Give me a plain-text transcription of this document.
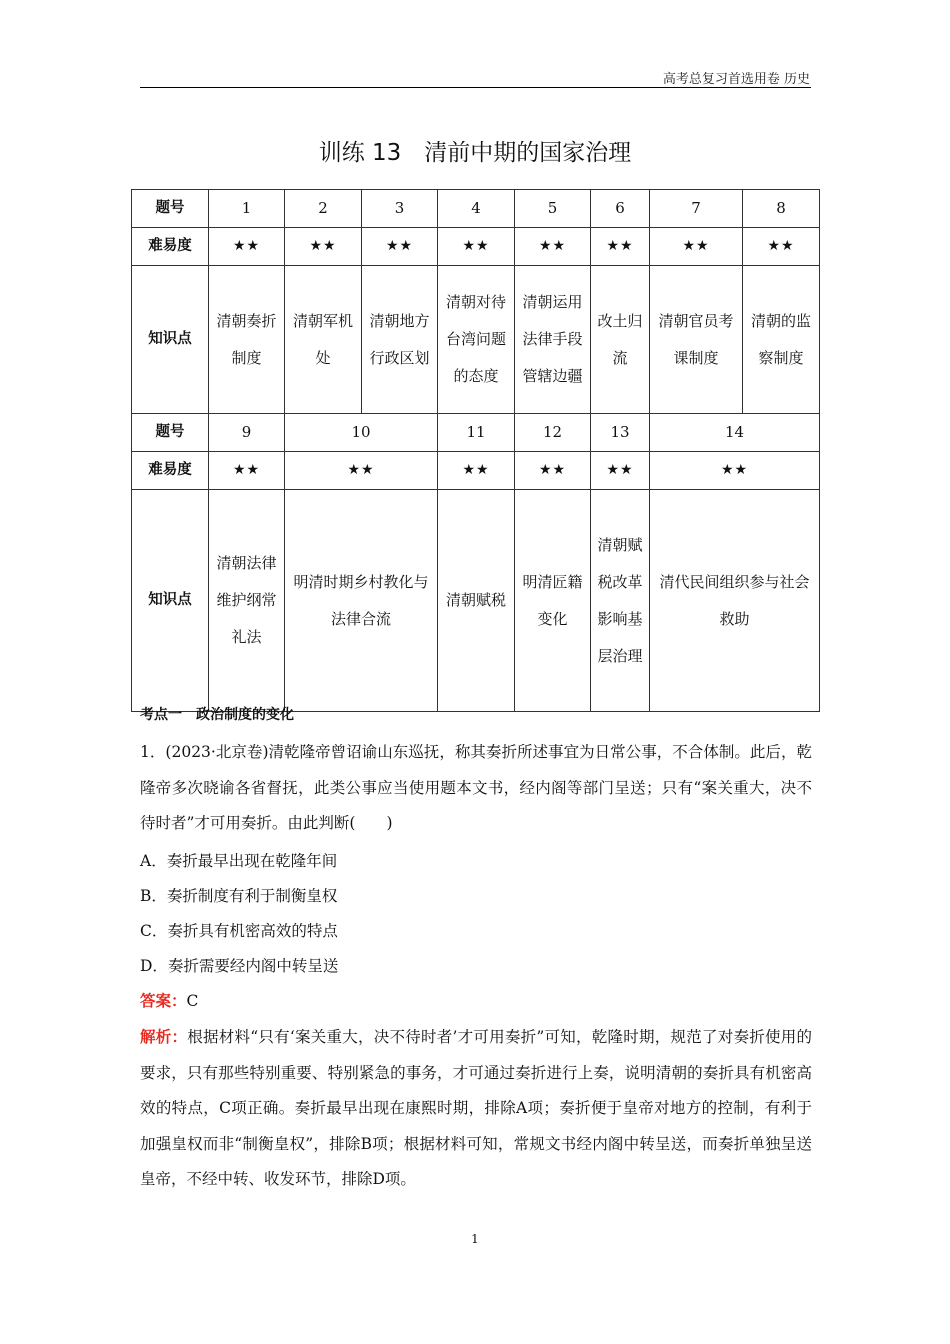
高考总复习首选用卷 历史
训练 13　清前中期的国家治理
题号	1	2	3	4	5	6	7	8
难易度	★★	★★	★★	★★	★★	★★	★★	★★
知识点	清朝奏折制度	清朝军机处	清朝地方行政区划	清朝对待台湾问题的态度	清朝运用法律手段管辖边疆	改土归流	清朝官员考课制度	清朝的监察制度
题号	9	10		11	12	13	14	
难易度	★★	★★		★★	★★	★★	★★	
知识点	清朝法律维护纲常礼法	明清时期乡村教化与法律合流		清朝赋税	明清匠籍变化	清朝赋税改革影响基层治理	清代民间组织参与社会救助	
考点一　政治制度的变化
1．(2023·北京卷)清乾隆帝曾诏谕山东巡抚，称其奏折所述事宜为日常公事，不合体制。此后，乾隆帝多次晓谕各省督抚，此类公事应当使用题本文书，经内阁等部门呈送；只有“案关重大，决不待时者”才可用奏折。由此判断(　　)
A．奏折最早出现在乾隆年间
B．奏折制度有利于制衡皇权
C．奏折具有机密高效的特点
D．奏折需要经内阁中转呈送
答案：C
解析：根据材料“只有‘案关重大，决不待时者’才可用奏折”可知，乾隆时期，规范了对奏折使用的要求，只有那些特别重要、特别紧急的事务，才可通过奏折进行上奏，说明清朝的奏折具有机密高效的特点，C项正确。奏折最早出现在康熙时期，排除A项；奏折便于皇帝对地方的控制，有利于加强皇权而非“制衡皇权”，排除B项；根据材料可知，常规文书经内阁中转呈送，而奏折单独呈送皇帝，不经中转、收发环节，排除D项。
1
